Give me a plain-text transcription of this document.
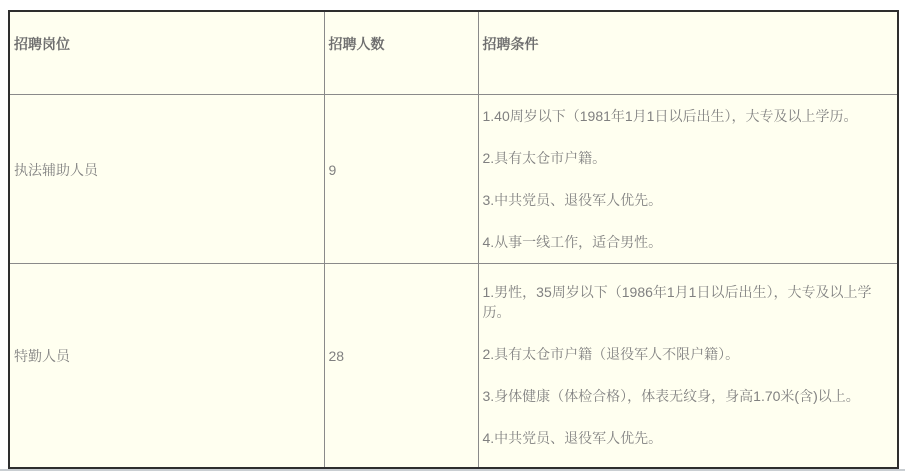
招聘岗位	招聘人数	招聘条件
执法辅助人员	9	1.40周岁以下（1981年1月1日以后出生），大专及以上学历。

2.具有太仓市户籍。

3.中共党员、退役军人优先。

4.从事一线工作，适合男性。

特勤人员	28	1.男性，35周岁以下（1986年1月1日以后出生），大专及以上学历。

2.具有太仓市户籍（退役军人不限户籍）。

3.身体健康（体检合格），体表无纹身，身高1.70米(含)以上。

4.中共党员、退役军人优先。
